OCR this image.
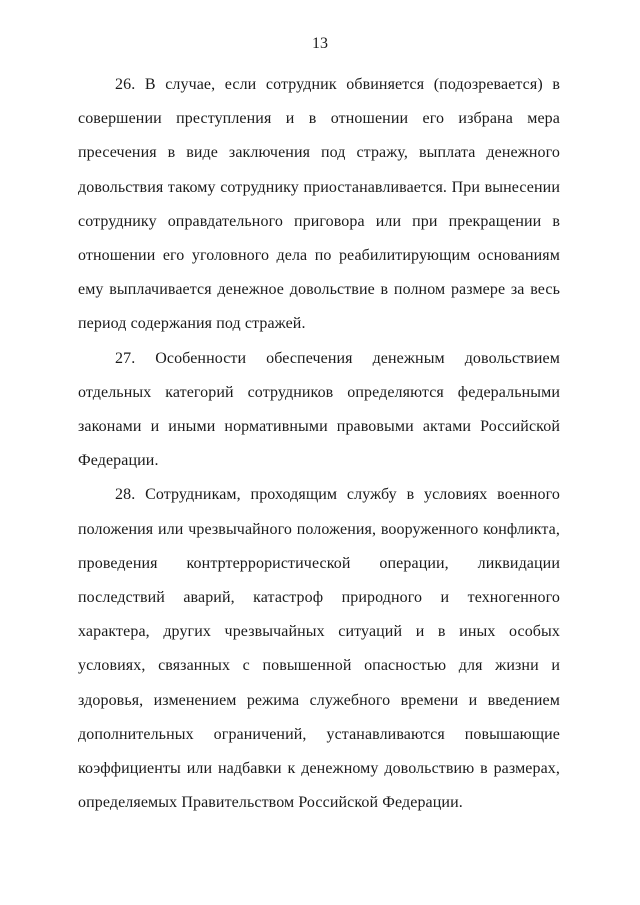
13

26. В случае, если сотрудник обвиняется (подозревается) в совершении преступления и в отношении его избрана мера пресечения в виде заключения под стражу, выплата денежного довольствия такому сотруднику приостанавливается. При вынесении сотруднику оправдательного приговора или при прекращении в отношении его уголовного дела по реабилитирующим основаниям ему выплачивается денежное довольствие в полном размере за весь период содержания под стражей.

27. Особенности обеспечения денежным довольствием отдельных категорий сотрудников определяются федеральными законами и иными нормативными правовыми актами Российской Федерации.

28. Сотрудникам, проходящим службу в условиях военного положения или чрезвычайного положения, вооруженного конфликта, проведения контртеррористической операции, ликвидации последствий аварий, катастроф природного и техногенного характера, других чрезвычайных ситуаций и в иных особых условиях, связанных с повышенной опасностью для жизни и здоровья, изменением режима служебного времени и введением дополнительных ограничений, устанавливаются повышающие коэффициенты или надбавки к денежному довольствию в размерах, определяемых Правительством Российской Федерации.
